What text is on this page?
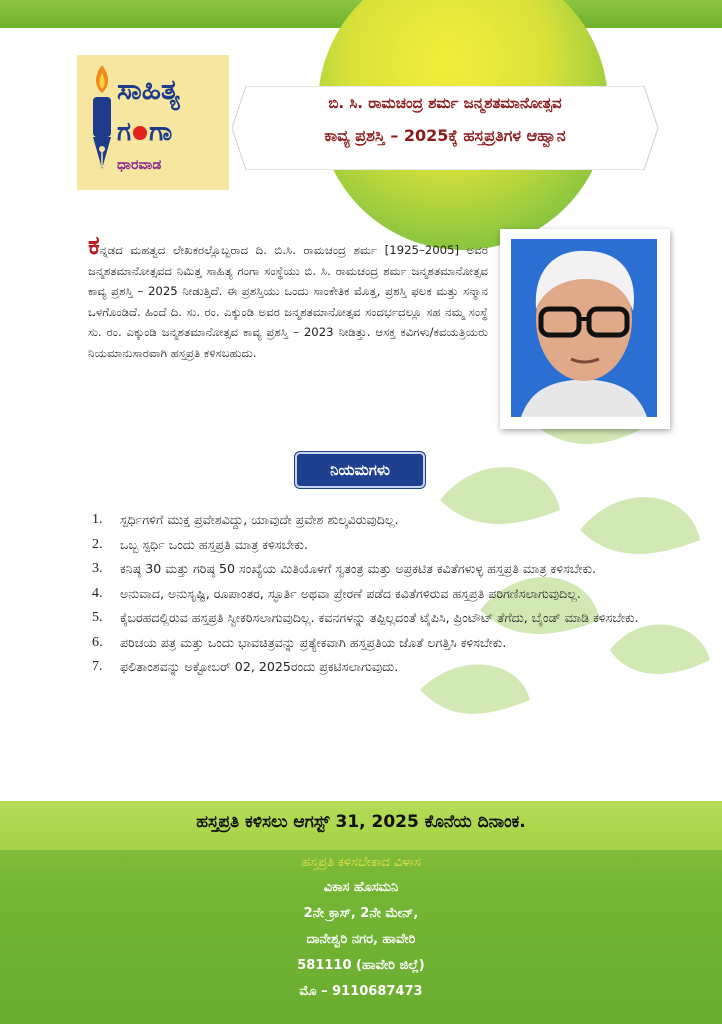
ಸಾಹಿತ್ಯ
ಗ ಗಾ
ಧಾರವಾಡ
ಬಿ. ಸಿ. ರಾಮಚಂದ್ರ ಶರ್ಮ ಜನ್ಮಶತಮಾನೋತ್ಸವ
ಕಾವ್ಯ ಪ್ರಶಸ್ತಿ – 2025ಕ್ಕೆ ಹಸ್ತಪ್ರತಿಗಳ ಆಹ್ವಾನ
ಕನ್ನಡದ ಮಹತ್ವದ ಲೇಖಕರಲ್ಲೊಬ್ಬರಾದ ದಿ. ಬಿ.ಸಿ. ರಾಮಚಂದ್ರ ಶರ್ಮ [1925–2005] ಅವರ ಜನ್ಮಶತಮಾನೋತ್ಸವದ ನಿಮಿತ್ತ ಸಾಹಿತ್ಯ ಗಂಗಾ ಸಂಸ್ಥೆಯು ಬಿ. ಸಿ. ರಾಮಚಂದ್ರ ಶರ್ಮ ಜನ್ಮಶತಮಾನೋತ್ಸವ ಕಾವ್ಯ ಪ್ರಶಸ್ತಿ – 2025 ನೀಡುತ್ತಿದೆ. ಈ ಪ್ರಶಸ್ತಿಯು ಒಂದು ಸಾಂಕೇತಿಕ ಮೊತ್ತ, ಪ್ರಶಸ್ತಿ ಫಲಕ ಮತ್ತು ಸನ್ಮಾನ ಒಳಗೊಂಡಿದೆ. ಹಿಂದೆ ದಿ. ಸು. ರಂ. ಎಕ್ಕುಂಡಿ ಅವರ ಜನ್ಮಶತಮಾನೋತ್ಸವ ಸಂದರ್ಭದಲ್ಲೂ ಸಹ ನಮ್ಮ ಸಂಸ್ಥೆ ಸು. ರಂ. ಎಕ್ಕುಂಡಿ ಜನ್ಮಶತಮಾನೋತ್ಸವ ಕಾವ್ಯ ಪ್ರಶಸ್ತಿ – 2023 ನೀಡಿತ್ತು. ಆಸಕ್ತ ಕವಿಗಳು/ಕವಯತ್ರಿಯರು ನಿಯಮಾನುಸಾರವಾಗಿ ಹಸ್ತಪ್ರತಿ ಕಳಿಸಬಹುದು.
ನಿಯಮಗಳು
1. ಸ್ಪರ್ಧಿಗಳಿಗೆ ಮುಕ್ತ ಪ್ರವೇಶವಿದ್ದು, ಯಾವುದೇ ಪ್ರವೇಶ ಶುಲ್ಕವಿರುವುದಿಲ್ಲ.
2. ಒಬ್ಬ ಸ್ಪರ್ಧಿ ಒಂದು ಹಸ್ತಪ್ರತಿ ಮಾತ್ರ ಕಳಿಸಬೇಕು.
3. ಕನಿಷ್ಠ 30 ಮತ್ತು ಗರಿಷ್ಠ 50 ಸಂಖ್ಯೆಯ ಮಿತಿಯೊಳಗೆ ಸ್ವತಂತ್ರ ಮತ್ತು ಅಪ್ರಕಟಿತ ಕವಿತೆಗಳುಳ್ಳ ಹಸ್ತಪ್ರತಿ ಮಾತ್ರ ಕಳಿಸಬೇಕು.
4. ಅನುವಾದ, ಅನುಸೃಷ್ಟಿ, ರೂಪಾಂತರ, ಸ್ಫೂರ್ತಿ ಅಥವಾ ಪ್ರೇರಣೆ ಪಡೆದ ಕವಿತೆಗಳಿರುವ ಹಸ್ತಪ್ರತಿ ಪರಿಗಣಿಸಲಾಗುವುದಿಲ್ಲ.
5. ಕೈಬರಹದಲ್ಲಿರುವ ಹಸ್ತಪ್ರತಿ ಸ್ವೀಕರಿಸಲಾಗುವುದಿಲ್ಲ. ಕವನಗಳನ್ನು ತಪ್ಪಿಲ್ಲದಂತೆ ಟೈಪಿಸಿ, ಪ್ರಿಂಟೌಟ್ ತೆಗೆದು, ಬೈಂಡ್ ಮಾಡಿ ಕಳಿಸಬೇಕು.
6. ಪರಿಚಯ ಪತ್ರ ಮತ್ತು ಒಂದು ಭಾವಚಿತ್ರವನ್ನು ಪ್ರತ್ಯೇಕವಾಗಿ ಹಸ್ತಪ್ರತಿಯ ಜೊತೆ ಲಗತ್ತಿಸಿ ಕಳಿಸಬೇಕು.
7. ಫಲಿತಾಂಶವನ್ನು ಅಕ್ಟೋಬರ್ 02, 2025ರಂದು ಪ್ರಕಟಿಸಲಾಗುವುದು.
ಹಸ್ತಪ್ರತಿ ಕಳಿಸಲು ಆಗಸ್ಟ್ 31, 2025 ಕೊನೆಯ ದಿನಾಂಕ.
ಹಸ್ತಪ್ರತಿ ಕಳಿಸಬೇಕಾದ ವಿಳಾಸ
ವಿಕಾಸ ಹೊಸಮನಿ
2ನೇ ಕ್ರಾಸ್, 2ನೇ ಮೇನ್,
ದಾನೇಶ್ವರಿ ನಗರ, ಹಾವೇರಿ
581110 (ಹಾವೇರಿ ಜಿಲ್ಲೆ)
ಮೊ – 9110687473
